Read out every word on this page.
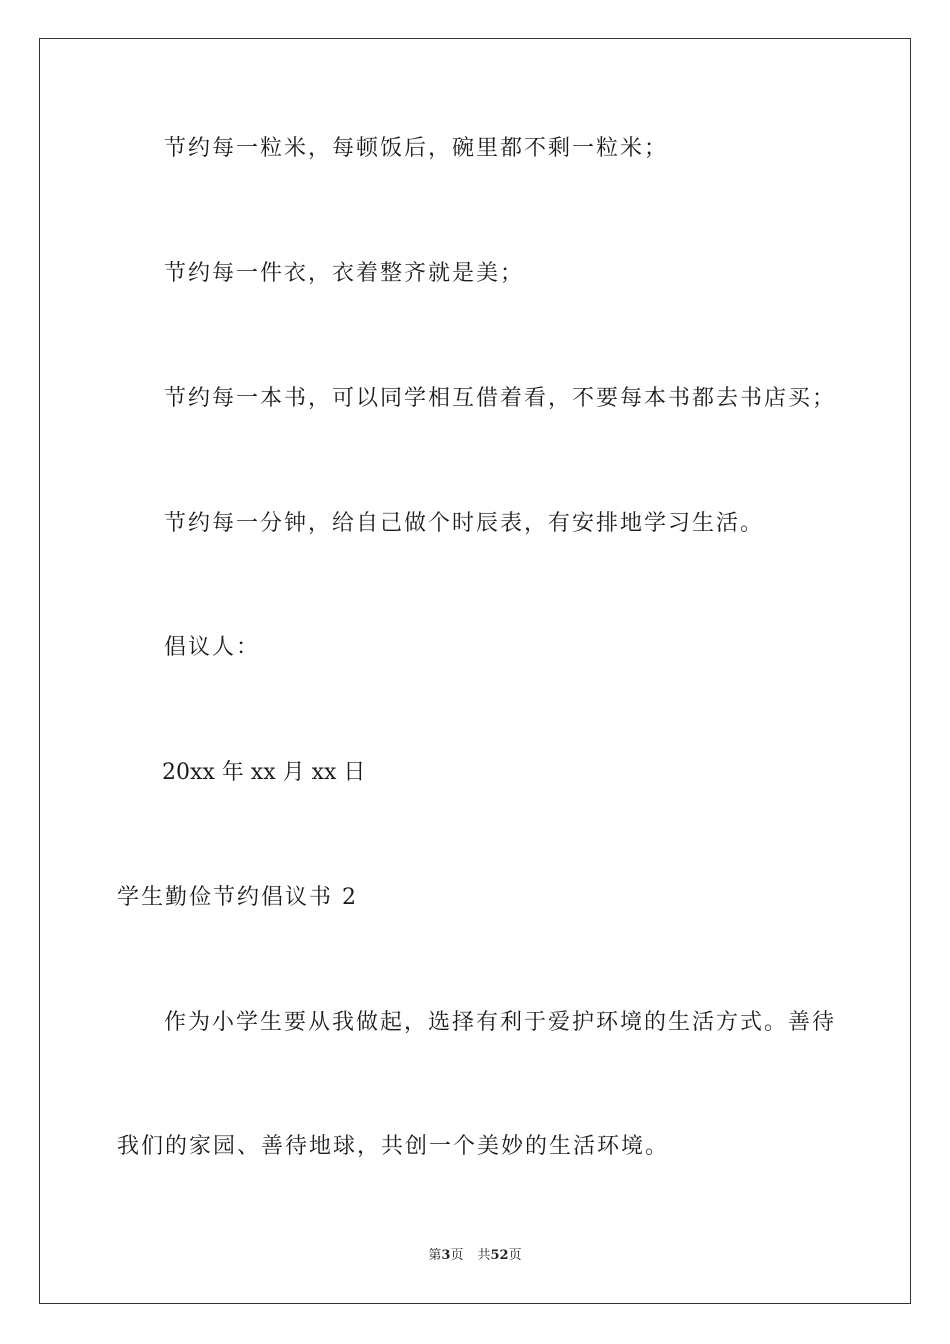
节约每一粒米，每顿饭后，碗里都不剩一粒米；
节约每一件衣，衣着整齐就是美；
节约每一本书，可以同学相互借着看，不要每本书都去书店买；
节约每一分钟，给自己做个时辰表，有安排地学习生活。
倡议人：
20xx 年 xx 月 xx 日
学生勤俭节约倡议书 2
作为小学生要从我做起，选择有利于爱护环境的生活方式。善待
我们的家园、善待地球，共创一个美妙的生活环境。
第3页 共52页
